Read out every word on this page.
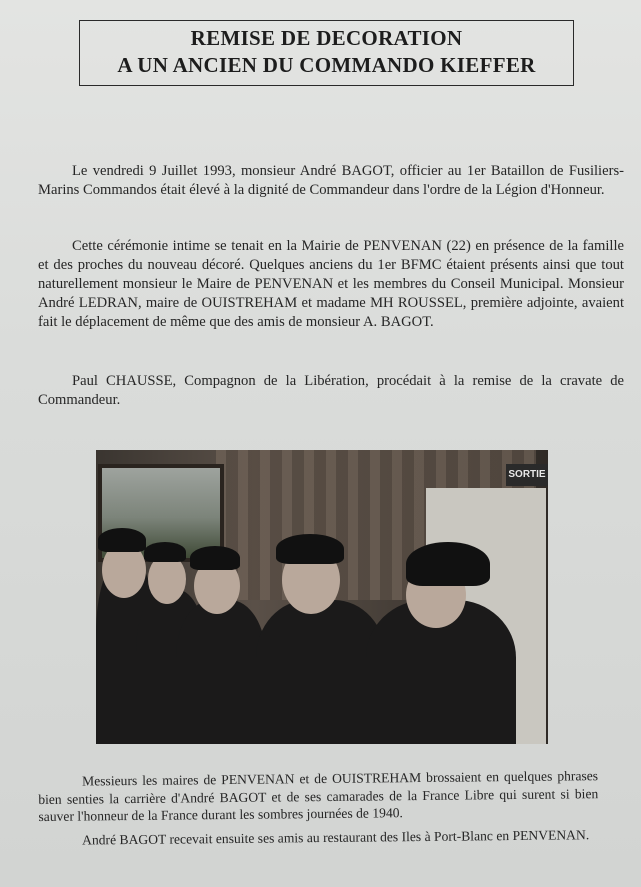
REMISE DE DECORATION
A UN ANCIEN DU COMMANDO KIEFFER
Le vendredi 9 Juillet 1993, monsieur André BAGOT, officier au 1er Bataillon de Fusiliers-Marins Commandos était élevé à la dignité de Commandeur dans l'ordre de la Légion d'Honneur.
Cette cérémonie intime se tenait en la Mairie de PENVENAN (22) en présence de la famille et des proches du nouveau décoré. Quelques anciens du 1er BFMC étaient présents ainsi que tout naturellement monsieur le Maire de PENVENAN et les membres du Conseil Municipal. Monsieur André LEDRAN, maire de OUISTREHAM et madame MH ROUSSEL, première adjointe, avaient fait le déplacement de même que des amis de monsieur A. BAGOT.
Paul CHAUSSE, Compagnon de la Libération, procédait à la remise de la cravate de Commandeur.
SORTIE
Messieurs les maires de PENVENAN et de OUISTREHAM brossaient en quelques phrases bien senties la carrière d'André BAGOT et de ses camarades de la France Libre qui surent si bien sauver l'honneur de la France durant les sombres journées de 1940.
André BAGOT recevait ensuite ses amis au restaurant des Iles à Port-Blanc en PENVENAN.
